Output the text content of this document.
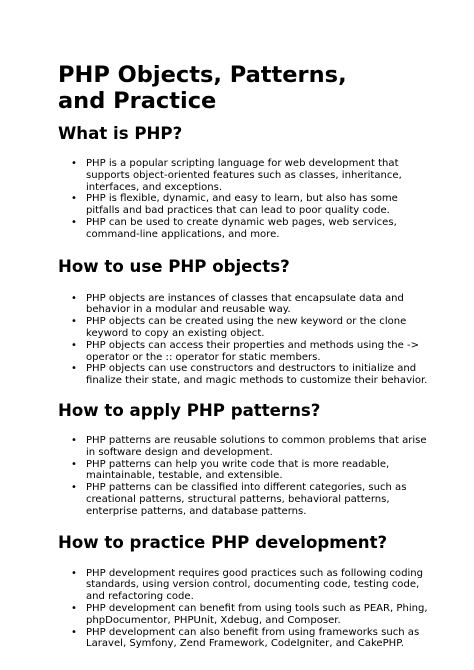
PHP Objects, Patterns, and Practice
What is PHP?
• PHP is a popular scripting language for web development that supports object-oriented features such as classes, inheritance, interfaces, and exceptions.
• PHP is flexible, dynamic, and easy to learn, but also has some pitfalls and bad practices that can lead to poor quality code.
• PHP can be used to create dynamic web pages, web services, command-line applications, and more.
How to use PHP objects?
• PHP objects are instances of classes that encapsulate data and behavior in a modular and reusable way.
• PHP objects can be created using the new keyword or the clone keyword to copy an existing object.
• PHP objects can access their properties and methods using the -> operator or the :: operator for static members.
• PHP objects can use constructors and destructors to initialize and finalize their state, and magic methods to customize their behavior.
How to apply PHP patterns?
• PHP patterns are reusable solutions to common problems that arise in software design and development.
• PHP patterns can help you write code that is more readable, maintainable, testable, and extensible.
• PHP patterns can be classified into different categories, such as creational patterns, structural patterns, behavioral patterns, enterprise patterns, and database patterns.
How to practice PHP development?
• PHP development requires good practices such as following coding standards, using version control, documenting code, testing code, and refactoring code.
• PHP development can benefit from using tools such as PEAR, Phing, phpDocumentor, PHPUnit, Xdebug, and Composer.
• PHP development can also benefit from using frameworks such as Laravel, Symfony, Zend Framework, CodeIgniter, and CakePHP.
